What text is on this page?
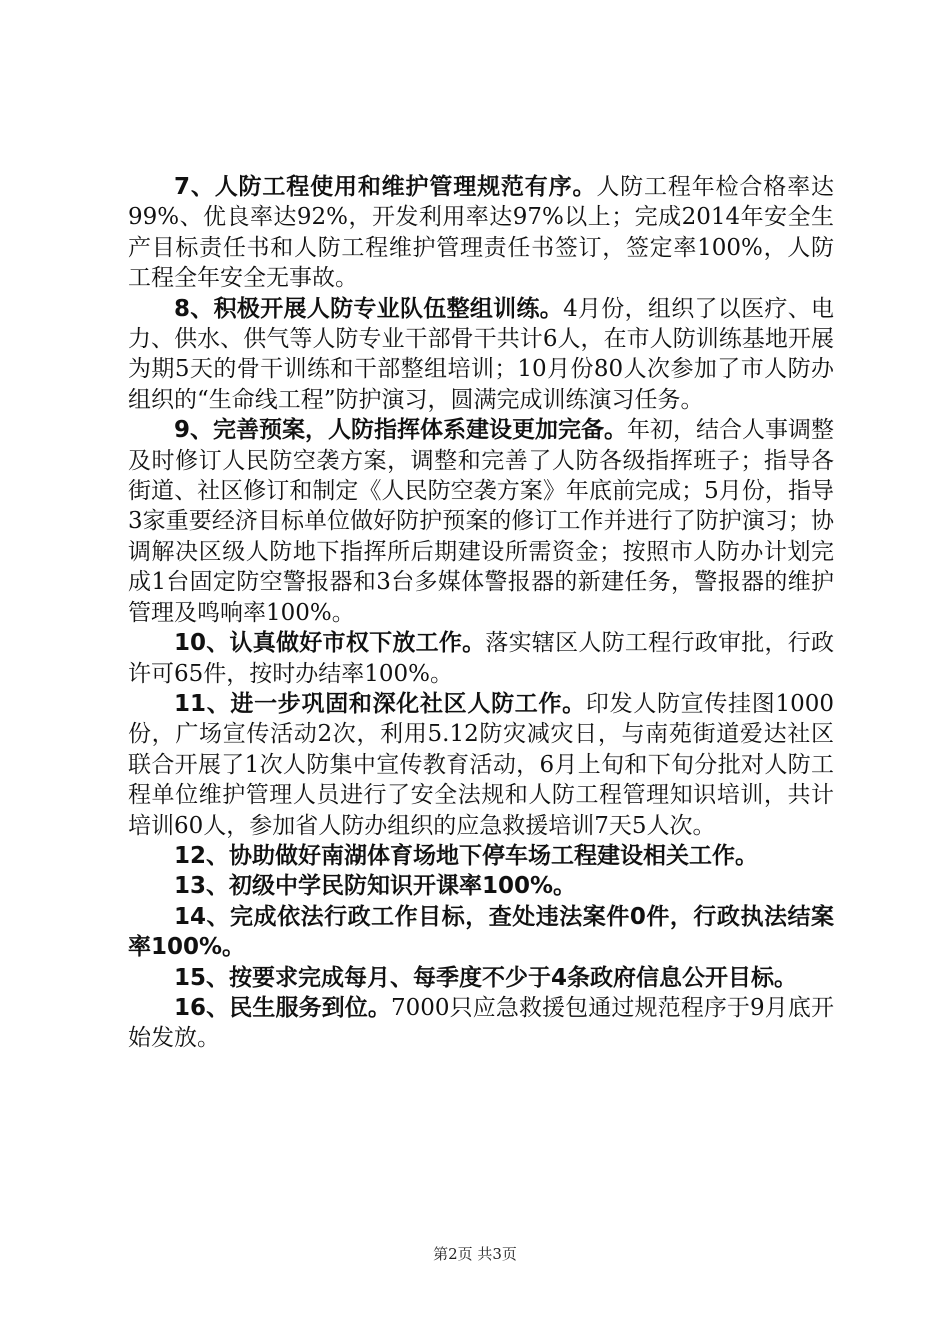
7、人防工程使用和维护管理规范有序。人防工程年检合格率达99%、优良率达92%，开发利用率达97%以上；完成2014年安全生产目标责任书和人防工程维护管理责任书签订，签定率100%，人防工程全年安全无事故。

8、积极开展人防专业队伍整组训练。4月份，组织了以医疗、电力、供水、供气等人防专业干部骨干共计6人，在市人防训练基地开展为期5天的骨干训练和干部整组培训；10月份80人次参加了市人防办组织的“生命线工程”防护演习，圆满完成训练演习任务。

9、完善预案，人防指挥体系建设更加完备。年初，结合人事调整及时修订人民防空袭方案，调整和完善了人防各级指挥班子；指导各街道、社区修订和制定《人民防空袭方案》年底前完成；5月份，指导3家重要经济目标单位做好防护预案的修订工作并进行了防护演习；协调解决区级人防地下指挥所后期建设所需资金；按照市人防办计划完成1台固定防空警报器和3台多媒体警报器的新建任务，警报器的维护管理及鸣响率100%。

10、认真做好市权下放工作。落实辖区人防工程行政审批，行政许可65件，按时办结率100%。

11、进一步巩固和深化社区人防工作。印发人防宣传挂图1000份，广场宣传活动2次，利用5.12防灾减灾日，与南苑街道爱达社区联合开展了1次人防集中宣传教育活动，6月上旬和下旬分批对人防工程单位维护管理人员进行了安全法规和人防工程管理知识培训，共计培训60人，参加省人防办组织的应急救援培训7天5人次。

12、协助做好南湖体育场地下停车场工程建设相关工作。

13、初级中学民防知识开课率100%。

14、完成依法行政工作目标，查处违法案件0件，行政执法结案率100%。

15、按要求完成每月、每季度不少于4条政府信息公开目标。

16、民生服务到位。7000只应急救援包通过规范程序于9月底开始发放。

第2页 共3页
